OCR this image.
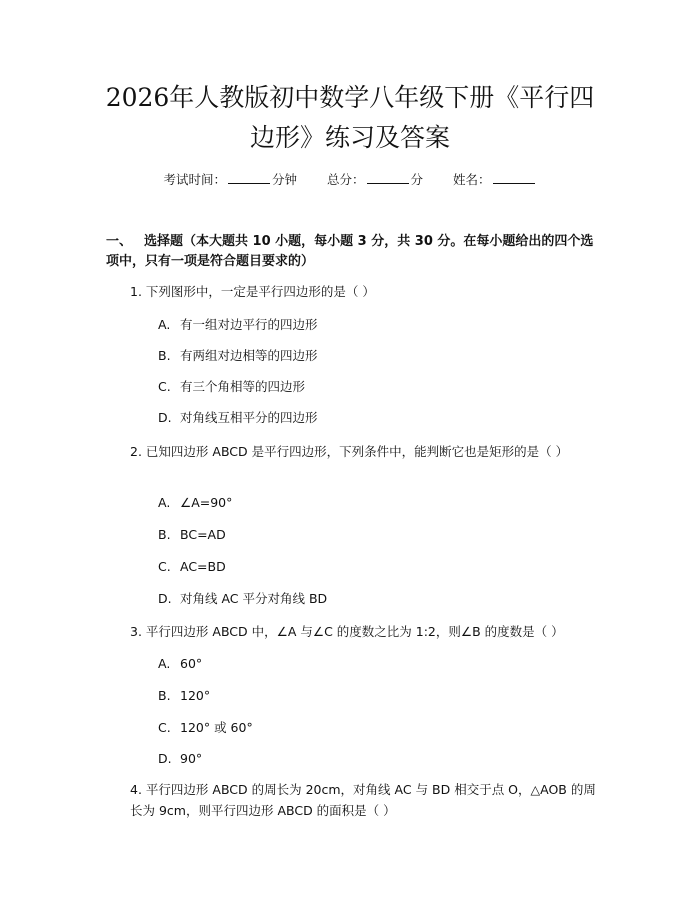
2026年人教版初中数学八年级下册《平行四
边形》练习及答案
考试时间：	分钟 总分：	分 姓名：
一、 选择题（本大题共 10 小题，每小题 3 分，共 30 分。在每小题给出的四个选项中，只有一项是符合题目要求的）
1. 下列图形中，一定是平行四边形的是（ ）
A. 有一组对边平行的四边形
B. 有两组对边相等的四边形
C. 有三个角相等的四边形
D. 对角线互相平分的四边形
2. 已知四边形 ABCD 是平行四边形，下列条件中，能判断它也是矩形的是（ ）
A. ∠A=90°
B. BC=AD
C. AC=BD
D. 对角线 AC 平分对角线 BD
3. 平行四边形 ABCD 中，∠A 与∠C 的度数之比为 1:2，则∠B 的度数是（ ）
A. 60°
B. 120°
C. 120° 或 60°
D. 90°
4. 平行四边形 ABCD 的周长为 20cm，对角线 AC 与 BD 相交于点 O，△AOB 的周长为 9cm，则平行四边形 ABCD 的面积是（ ）
